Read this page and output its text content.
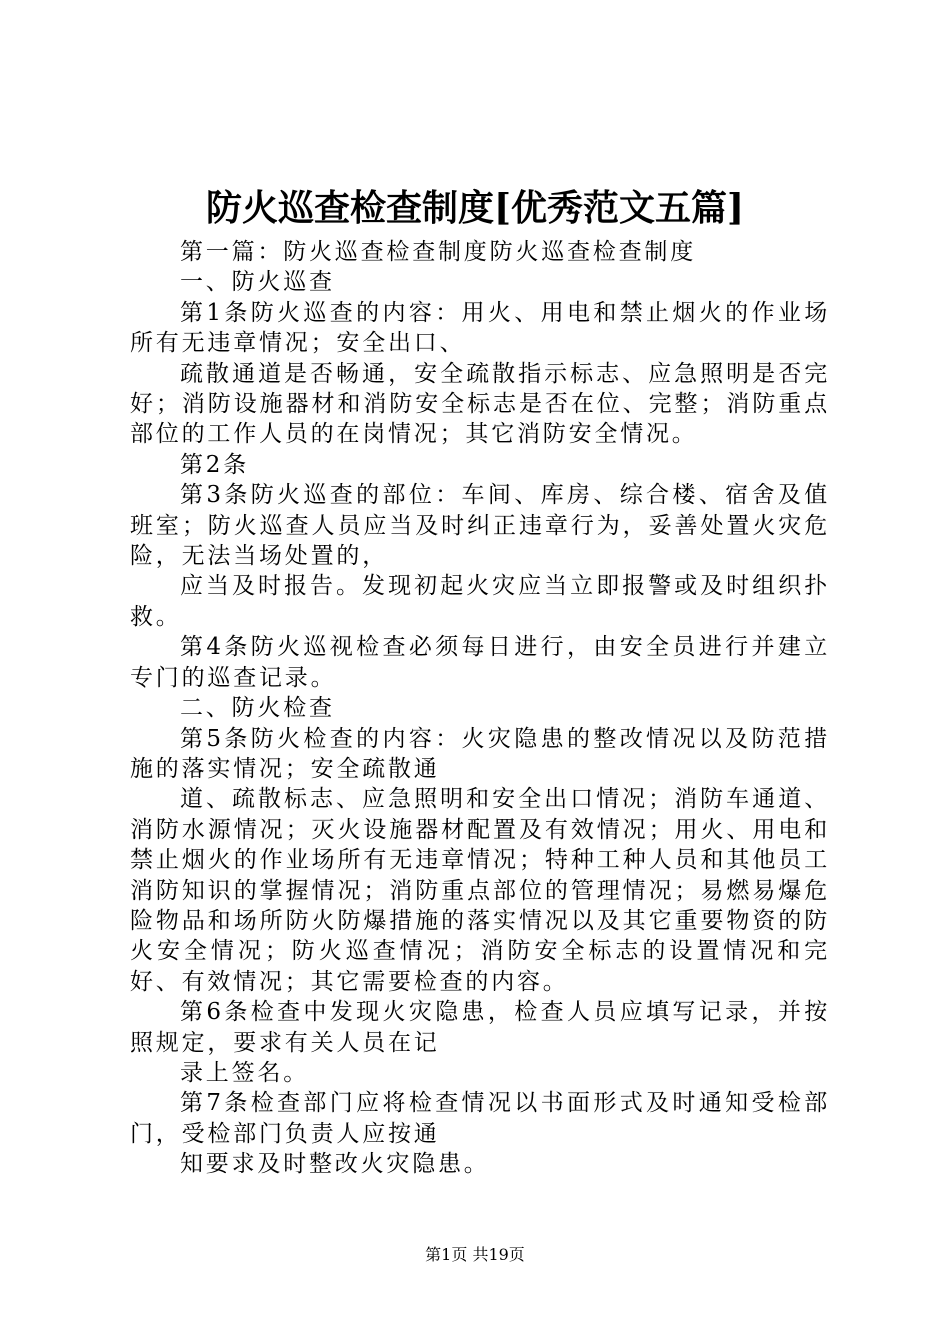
防火巡查检查制度[优秀范文五篇]

第一篇：防火巡查检查制度防火巡查检查制度

一、防火巡查

第1条防火巡查的内容：用火、用电和禁止烟火的作业场所有无违章情况；安全出口、

疏散通道是否畅通，安全疏散指示标志、应急照明是否完好；消防设施器材和消防安全标志是否在位、完整；消防重点部位的工作人员的在岗情况；其它消防安全情况。

第2条

第3条防火巡查的部位：车间、库房、综合楼、宿舍及值班室；防火巡查人员应当及时纠正违章行为，妥善处置火灾危险，无法当场处置的，

应当及时报告。发现初起火灾应当立即报警或及时组织扑救。

第4条防火巡视检查必须每日进行，由安全员进行并建立专门的巡查记录。

二、防火检查

第5条防火检查的内容：火灾隐患的整改情况以及防范措施的落实情况；安全疏散通

道、疏散标志、应急照明和安全出口情况；消防车通道、消防水源情况；灭火设施器材配置及有效情况；用火、用电和禁止烟火的作业场所有无违章情况；特种工种人员和其他员工消防知识的掌握情况；消防重点部位的管理情况；易燃易爆危险物品和场所防火防爆措施的落实情况以及其它重要物资的防火安全情况；防火巡查情况；消防安全标志的设置情况和完好、有效情况；其它需要检查的内容。

第6条检查中发现火灾隐患，检查人员应填写记录，并按照规定，要求有关人员在记

录上签名。

第7条检查部门应将检查情况以书面形式及时通知受检部门，受检部门负责人应按通

知要求及时整改火灾隐患。

第1页 共19页
